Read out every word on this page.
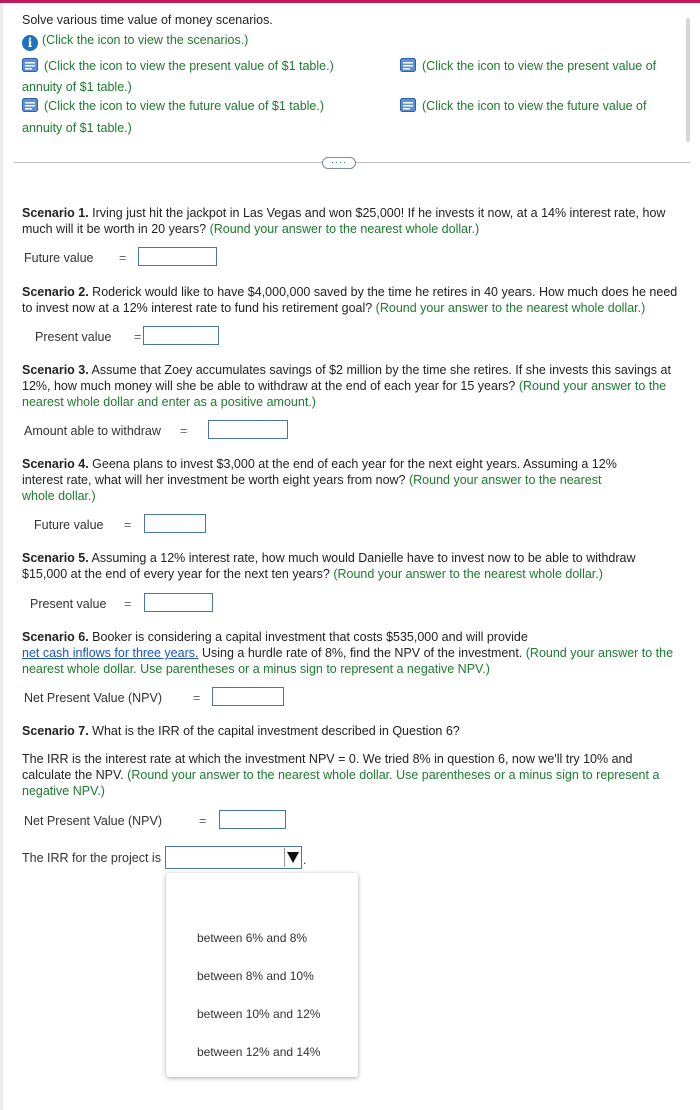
Solve various time value of money scenarios.
i (Click the icon to view the scenarios.)
(Click the icon to view the present value of $1 table.)
annuity of $1 table.)
(Click the icon to view the future value of $1 table.)
annuity of $1 table.)
(Click the icon to view the present value of
(Click the icon to view the future value of
····
Scenario 1. Irving just hit the jackpot in Las Vegas and won $25,000! If he invests it now, at a 14% interest rate, how
much will it be worth in 20 years? (Round your answer to the nearest whole dollar.)
Future value =
Scenario 2. Roderick would like to have $4,000,000 saved by the time he retires in 40 years. How much does he need
to invest now at a 12% interest rate to fund his retirement goal? (Round your answer to the nearest whole dollar.)
Present value =
Scenario 3. Assume that Zoey accumulates savings of $2 million by the time she retires. If she invests this savings at
12%, how much money will she be able to withdraw at the end of each year for 15 years? (Round your answer to the
nearest whole dollar and enter as a positive amount.)
Amount able to withdraw =
Scenario 4. Geena plans to invest $3,000 at the end of each year for the next eight years. Assuming a 12%
interest rate, what will her investment be worth eight years from now? (Round your answer to the nearest
whole dollar.)
Future value =
Scenario 5. Assuming a 12% interest rate, how much would Danielle have to invest now to be able to withdraw
$15,000 at the end of every year for the next ten years? (Round your answer to the nearest whole dollar.)
Present value =
Scenario 6. Booker is considering a capital investment that costs $535,000 and will provide
net cash inflows for three years. Using a hurdle rate of 8%, find the NPV of the investment. (Round your answer to the
nearest whole dollar. Use parentheses or a minus sign to represent a negative NPV.)
Net Present Value (NPV) =
Scenario 7. What is the IRR of the capital investment described in Question 6?
The IRR is the interest rate at which the investment NPV = 0. We tried 8% in question 6, now we'll try 10% and
calculate the NPV. (Round your answer to the nearest whole dollar. Use parentheses or a minus sign to represent a
negative NPV.)
Net Present Value (NPV)	=
The IRR for the project is	.
between 6% and 8%
between 8% and 10%
between 10% and 12%
between 12% and 14%
